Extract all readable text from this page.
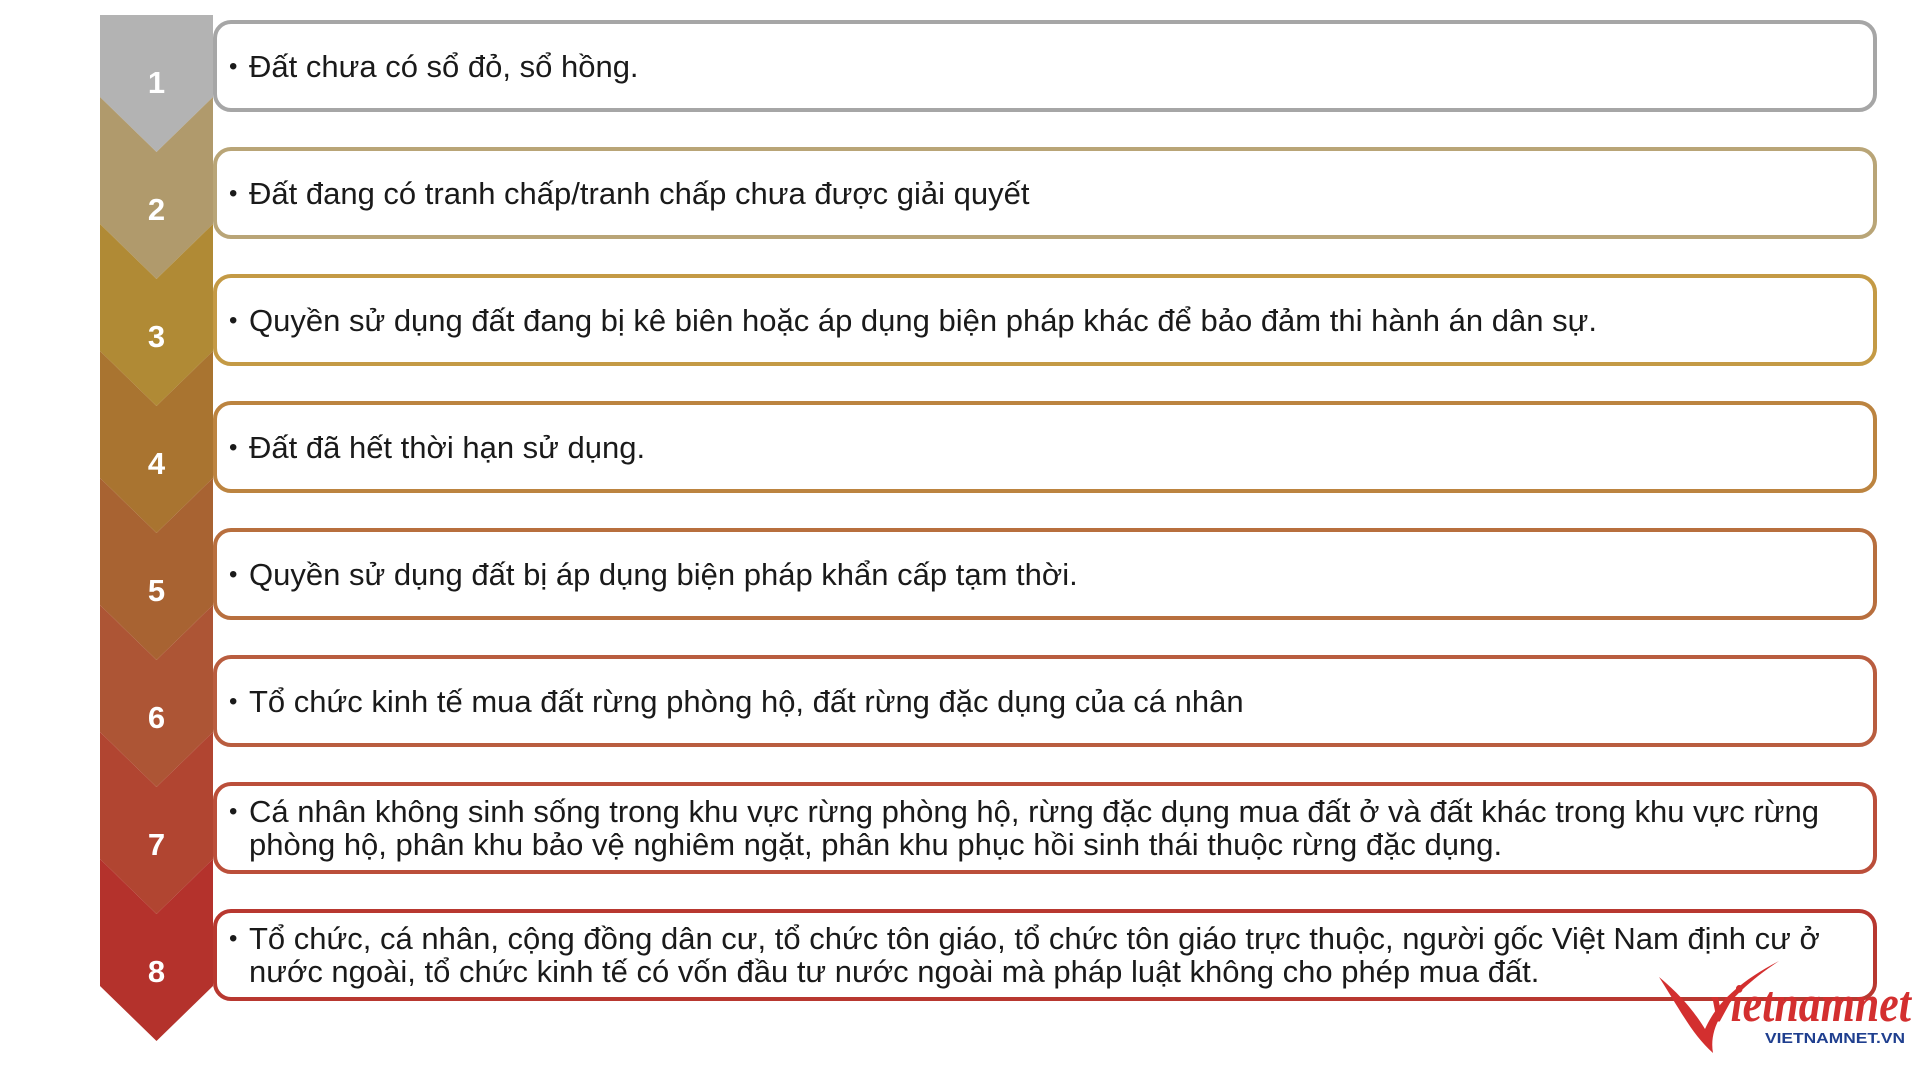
1
2
3
4
5
6
7
8
• Đất chưa có sổ đỏ, sổ hồng.
• Đất đang có tranh chấp/tranh chấp chưa được giải quyết
• Quyền sử dụng đất đang bị kê biên hoặc áp dụng biện pháp khác để bảo đảm thi hành án dân sự.
• Đất đã hết thời hạn sử dụng.
• Quyền sử dụng đất bị áp dụng biện pháp khẩn cấp tạm thời.
• Tổ chức kinh tế mua đất rừng phòng hộ, đất rừng đặc dụng của cá nhân
• Cá nhân không sinh sống trong khu vực rừng phòng hộ, rừng đặc dụng mua đất ở và đất khác trong khu vực rừng phòng hộ, phân khu bảo vệ nghiêm ngặt, phân khu phục hồi sinh thái thuộc rừng đặc dụng.
• Tổ chức, cá nhân, cộng đồng dân cư, tổ chức tôn giáo, tổ chức tôn giáo trực thuộc, người gốc Việt Nam định cư ở nước ngoài, tổ chức kinh tế có vốn đầu tư nước ngoài mà pháp luật không cho phép mua đất.
vietnamnet
VIETNAMNET.VN
